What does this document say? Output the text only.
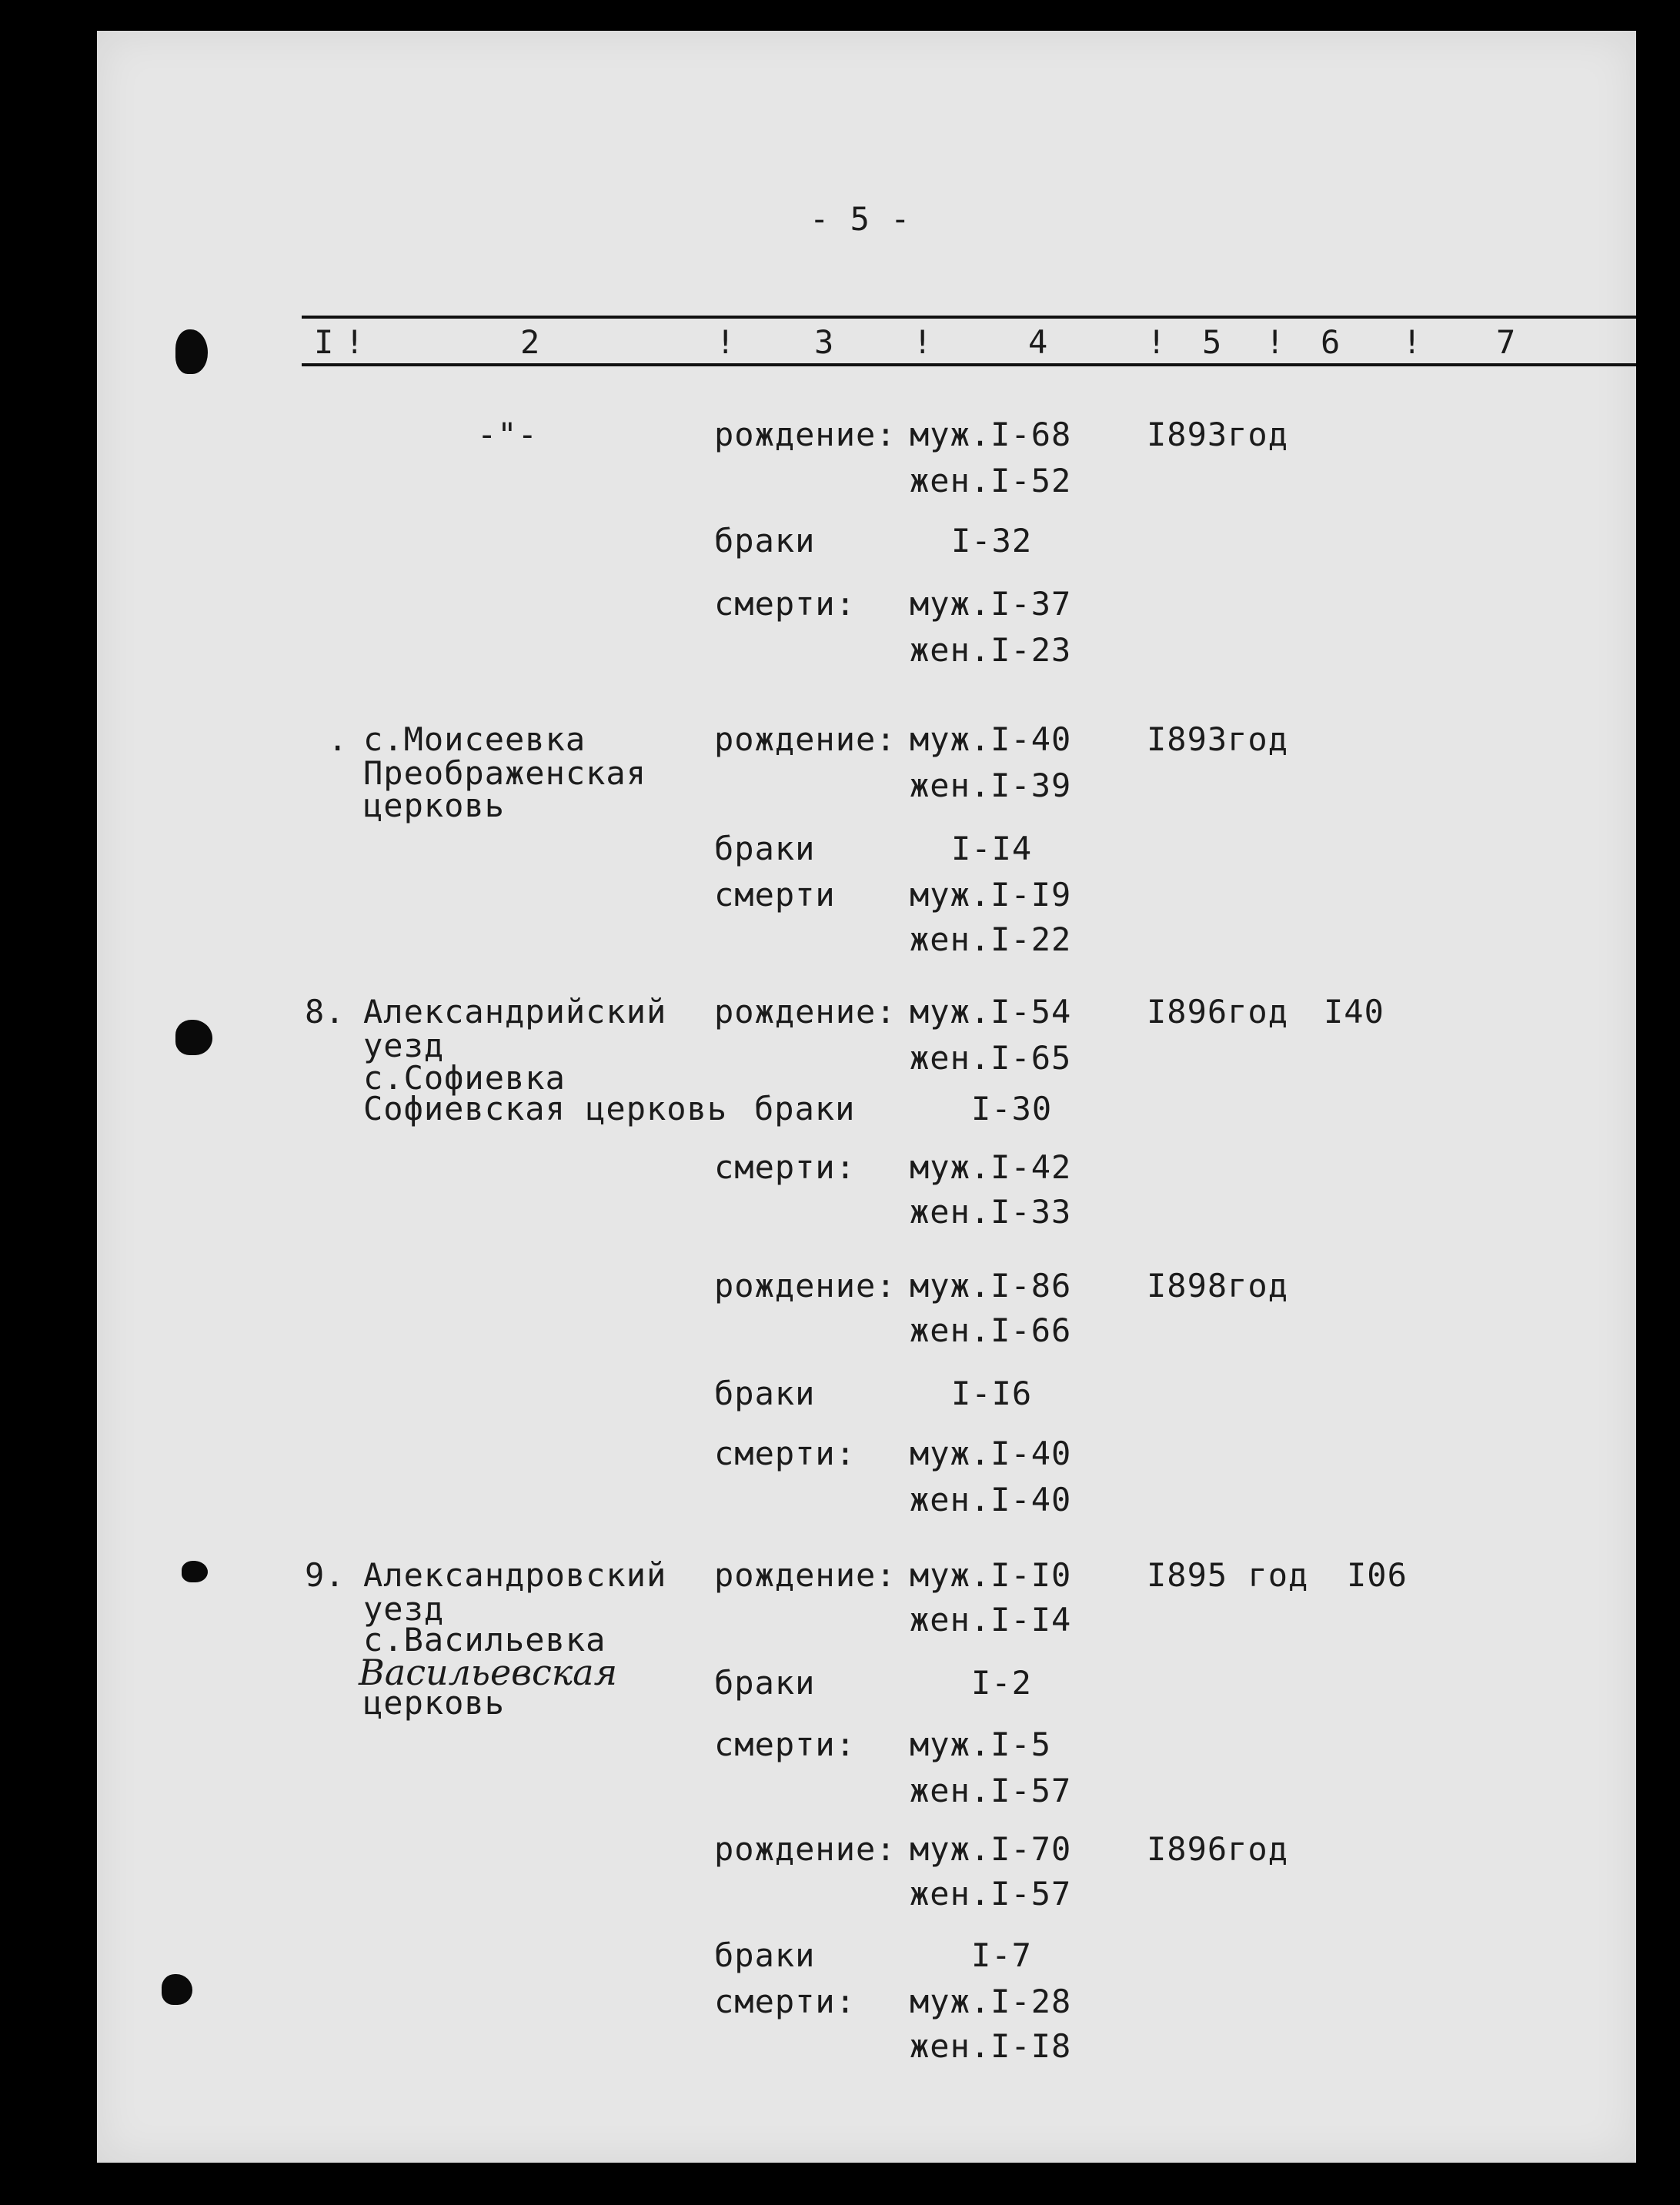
- 5 -
I !	2	! 3 !	4	! 5 ! 6 ! 7
-"-	рождение: муж.I-68 I893год
жен.I-52
браки	I-32
смерти: муж.I-37
жен.I-23
. с.Моисеевка
Преображенская
церковь
рождение: муж.I-40 I893год
жен.I-39
браки	I-I4
смерти муж.I-I9
жен.I-22
8. Александрийский
уезд
с.Софиевка
Софиевская церковь
рождение: муж.I-54 I896год I40
жен.I-65
браки	I-30
смерти: муж.I-42
жен.I-33
рождение: муж.I-86 I898год
жен.I-66
браки	I-I6
смерти: муж.I-40
жен.I-40
9. Александровский
уезд
с.Васильевка
Васильевская
церковь
рождение: муж.I-I0 I895 год I06
жен.I-I4
браки	I-2
смерти: муж.I-5
жен.I-57
рождение: муж.I-70 I896год
жен.I-57
браки	I-7
смерти: муж.I-28
жен.I-I8
